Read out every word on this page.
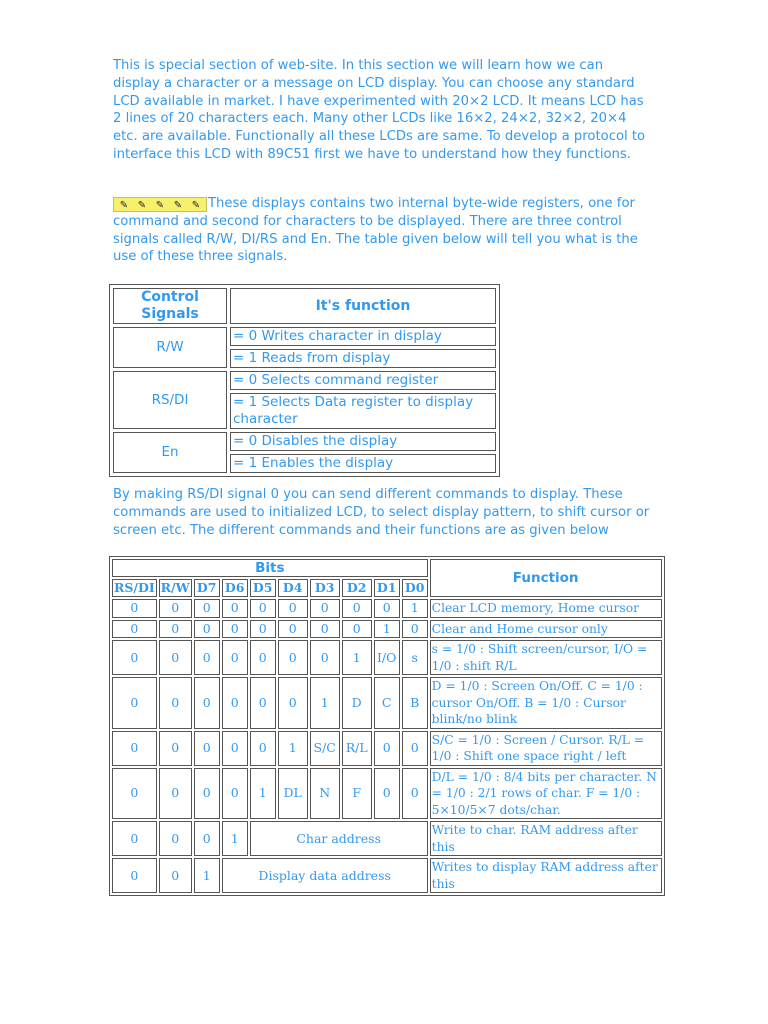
This is special section of web-site. In this section we will learn how we can display a character or a message on LCD display. You can choose any standard LCD available in market. I have experimented with 20×2 LCD. It means LCD has 2 lines of 20 characters each. Many other LCDs like 16×2, 24×2, 32×2, 20×4 etc. are available. Functionally all these LCDs are same. To develop a protocol to interface this LCD with 89C51 first we have to understand how they functions.

✎ ✎ ✎ ✎ ✎ These displays contains two internal byte-wide registers, one for command and second for characters to be displayed. There are three control signals called R/W, DI/RS and En. The table given below will tell you what is the use of these three signals.

Control Signals	It's function
R/W	= 0 Writes character in display
	= 1 Reads from display
RS/DI	= 0 Selects command register
	= 1 Selects Data register to display character
En	= 0 Disables the display
	= 1 Enables the display

By making RS/DI signal 0 you can send different commands to display. These commands are used to initialized LCD, to select display pattern, to shift cursor or screen etc. The different commands and their functions are as given below

Bits										Function
RS/DI	R/W	D7	D6	D5	D4	D3	D2	D1	D0	
0	0	0	0	0	0	0	0	0	1	Clear LCD memory, Home cursor
0	0	0	0	0	0	0	0	1	0	Clear and Home cursor only
0	0	0	0	0	0	0	1	I/O	s	s = 1/0 : Shift screen/cursor, I/O = 1/0 : shift R/L
0	0	0	0	0	0	1	D	C	B	D = 1/0 : Screen On/Off. C = 1/0 : cursor On/Off. B = 1/0 : Cursor blink/no blink
0	0	0	0	0	1	S/C	R/L	0	0	S/C = 1/0 : Screen / Cursor. R/L = 1/0 : Shift one space right / left
0	0	0	0	1	DL	N	F	0	0	D/L = 1/0 : 8/4 bits per character. N = 1/0 : 2/1 rows of char. F = 1/0 : 5×10/5×7 dots/char.
0	0	0	1	Char address						Write to char. RAM address after this
0	0	1	Display data address							Writes to display RAM address after this
